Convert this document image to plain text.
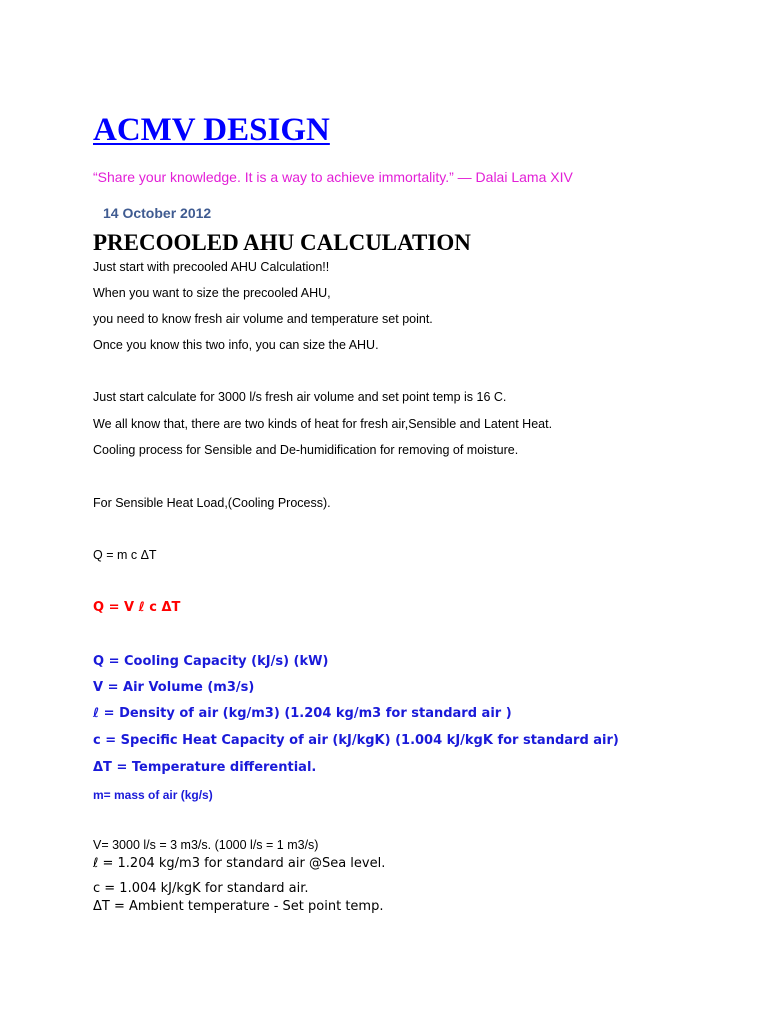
ACMV DESIGN
“Share your knowledge. It is a way to achieve immortality.” — Dalai Lama XIV
14 October 2012
PRECOOLED AHU CALCULATION
Just start with precooled AHU Calculation!!
When you want to size the precooled AHU,
you need to know fresh air volume and temperature set point.
Once you know this two info, you can size the AHU.
Just start calculate for 3000 l/s fresh air volume and set point temp is 16 C.
We all know that, there are two kinds of heat for fresh air,Sensible and Latent Heat.
Cooling process for Sensible and De-humidification for removing of moisture.
For Sensible Heat Load,(Cooling Process).
Q = m c ΔT
Q = V ℓ c ΔT
Q = Cooling Capacity (kJ/s) (kW)
V = Air Volume (m3/s)
ℓ = Density of air (kg/m3) (1.204 kg/m3 for standard air )
c = Specific Heat Capacity of air (kJ/kgK) (1.004 kJ/kgK for standard air)
ΔT = Temperature differential.
m= mass of air (kg/s)
V= 3000 l/s = 3 m3/s. (1000 l/s = 1 m3/s)
ℓ = 1.204 kg/m3 for standard air @Sea level.
c = 1.004 kJ/kgK for standard air.
ΔT = Ambient temperature - Set point temp.
